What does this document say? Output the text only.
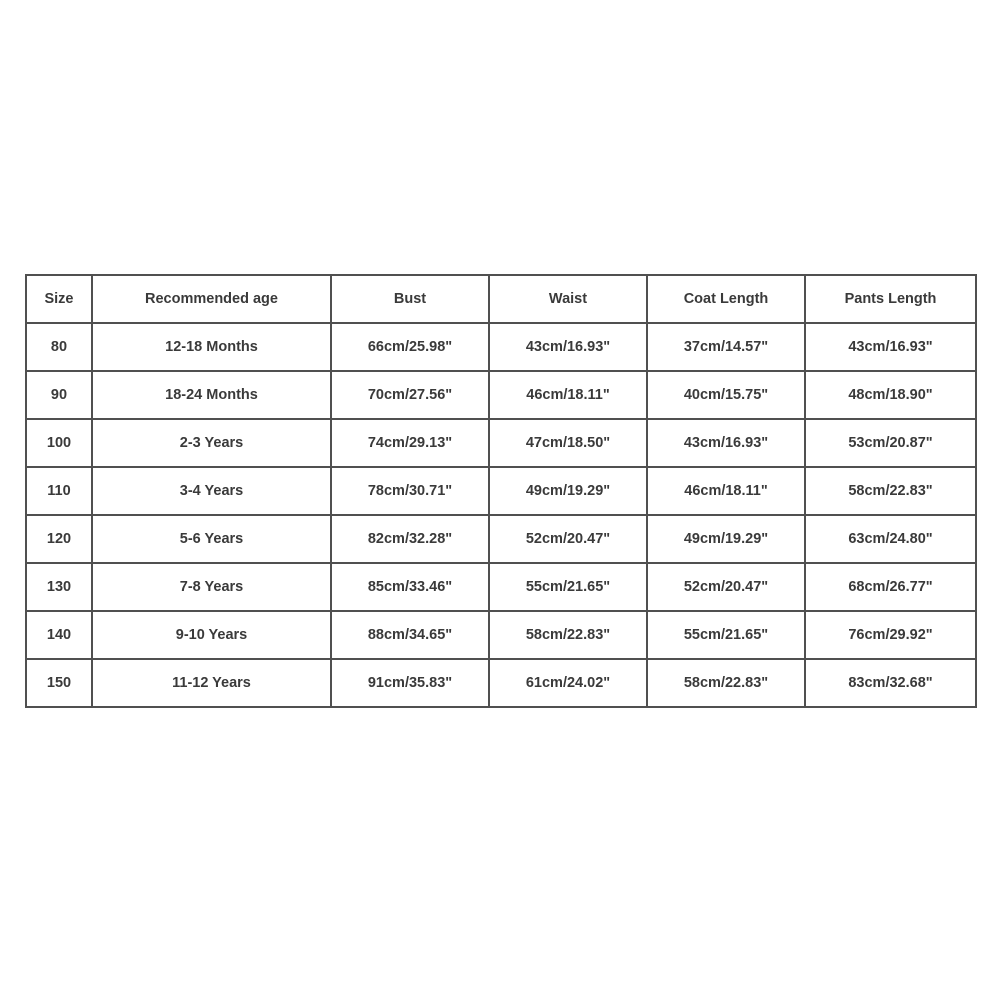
Size	Recommended age	Bust	Waist	Coat Length	Pants Length
80	12-18 Months	66cm/25.98"	43cm/16.93"	37cm/14.57"	43cm/16.93"
90	18-24 Months	70cm/27.56"	46cm/18.11"	40cm/15.75"	48cm/18.90"
100	2-3 Years	74cm/29.13"	47cm/18.50"	43cm/16.93"	53cm/20.87"
110	3-4 Years	78cm/30.71"	49cm/19.29"	46cm/18.11"	58cm/22.83"
120	5-6 Years	82cm/32.28"	52cm/20.47"	49cm/19.29"	63cm/24.80"
130	7-8 Years	85cm/33.46"	55cm/21.65"	52cm/20.47"	68cm/26.77"
140	9-10 Years	88cm/34.65"	58cm/22.83"	55cm/21.65"	76cm/29.92"
150	11-12 Years	91cm/35.83"	61cm/24.02"	58cm/22.83"	83cm/32.68"
